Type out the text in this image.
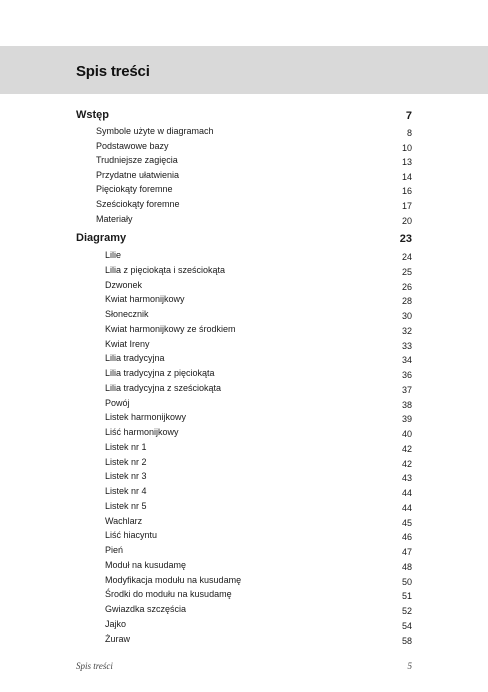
Spis treści
Wstęp	7
Symbole użyte w diagramach	8
Podstawowe bazy	10
Trudniejsze zagięcia	13
Przydatne ułatwienia	14
Pięciokąty foremne	16
Sześciokąty foremne	17
Materiały	20
Diagramy	23
Lilie	24
Lilia z pięciokąta i sześciokąta	25
Dzwonek	26
Kwiat harmonijkowy	28
Słonecznik	30
Kwiat harmonijkowy ze środkiem	32
Kwiat Ireny	33
Lilia tradycyjna	34
Lilia tradycyjna z pięciokąta	36
Lilia tradycyjna z sześciokąta	37
Powój	38
Listek harmonijkowy	39
Liść harmonijkowy	40
Listek nr 1	42
Listek nr 2	42
Listek nr 3	43
Listek nr 4	44
Listek nr 5	44
Wachlarz	45
Liść hiacyntu	46
Pień	47
Moduł na kusudamę	48
Modyfikacja modułu na kusudamę	50
Środki do modułu na kusudamę	51
Gwiazdka szczęścia	52
Jajko	54
Żuraw	58
Spis treści	5
